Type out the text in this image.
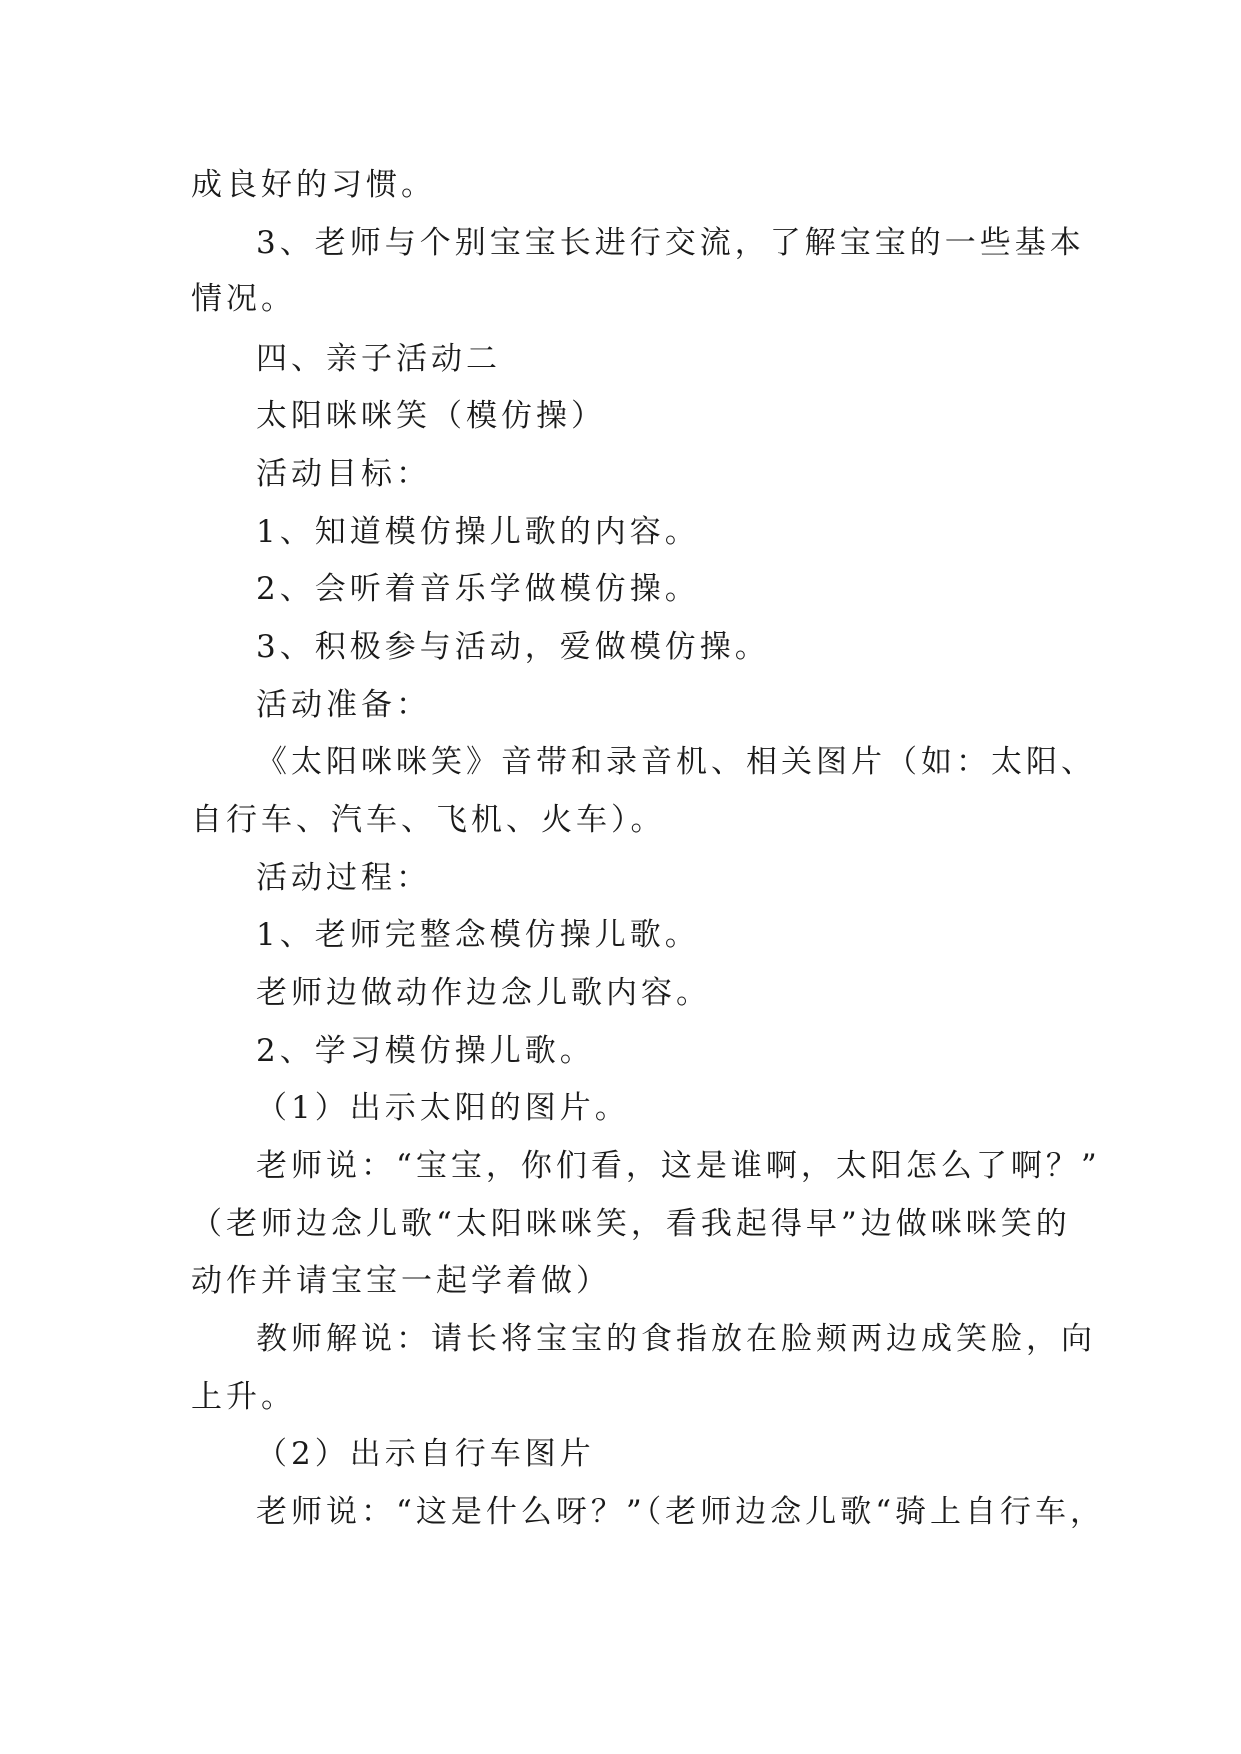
成良好的习惯。
3、老师与个别宝宝长进行交流，了解宝宝的一些基本
情况。
四、亲子活动二
太阳咪咪笑（模仿操）
活动目标：
1、知道模仿操儿歌的内容。
2、会听着音乐学做模仿操。
3、积极参与活动，爱做模仿操。
活动准备：
《太阳咪咪笑》音带和录音机、相关图片（如：太阳、
自行车、汽车、飞机、火车）。
活动过程：
1、老师完整念模仿操儿歌。
老师边做动作边念儿歌内容。
2、学习模仿操儿歌。
（1）出示太阳的图片。
老师说：“宝宝，你们看，这是谁啊，太阳怎么了啊？”
（老师边念儿歌“太阳咪咪笑，看我起得早”边做咪咪笑的
动作并请宝宝一起学着做）
教师解说：请长将宝宝的食指放在脸颊两边成笑脸，向
上升。
（2）出示自行车图片
老师说：“这是什么呀？”（老师边念儿歌“骑上自行车，
